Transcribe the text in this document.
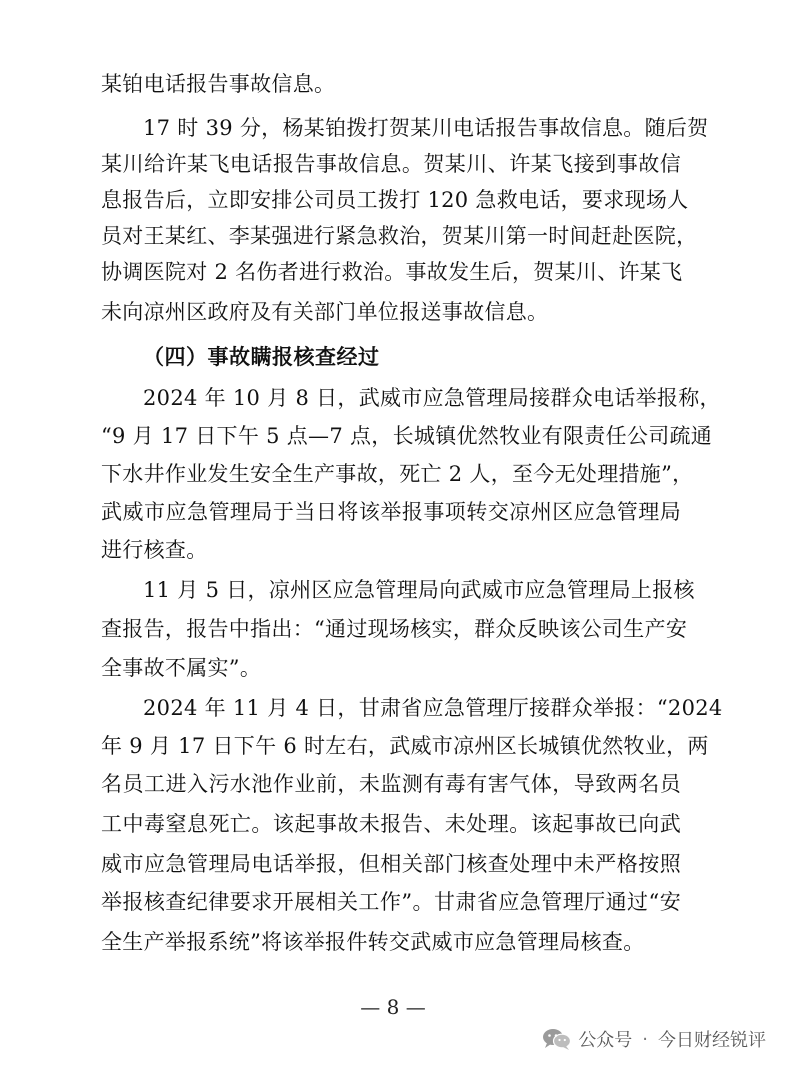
某铂电话报告事故信息。
17 时 39 分，杨某铂拨打贺某川电话报告事故信息。随后贺
某川给许某飞电话报告事故信息。贺某川、许某飞接到事故信
息报告后，立即安排公司员工拨打 120 急救电话，要求现场人
员对王某红、李某强进行紧急救治，贺某川第一时间赶赴医院，
协调医院对 2 名伤者进行救治。事故发生后，贺某川、许某飞
未向凉州区政府及有关部门单位报送事故信息。
（四）事故瞒报核查经过
2024 年 10 月 8 日，武威市应急管理局接群众电话举报称，
“9 月 17 日下午 5 点—7 点，长城镇优然牧业有限责任公司疏通
下水井作业发生安全生产事故，死亡 2 人，至今无处理措施”，
武威市应急管理局于当日将该举报事项转交凉州区应急管理局
进行核查。
11 月 5 日，凉州区应急管理局向武威市应急管理局上报核
查报告，报告中指出：“通过现场核实，群众反映该公司生产安
全事故不属实”。
2024 年 11 月 4 日，甘肃省应急管理厅接群众举报：“2024
年 9 月 17 日下午 6 时左右，武威市凉州区长城镇优然牧业，两
名员工进入污水池作业前，未监测有毒有害气体，导致两名员
工中毒窒息死亡。该起事故未报告、未处理。该起事故已向武
威市应急管理局电话举报，但相关部门核查处理中未严格按照
举报核查纪律要求开展相关工作”。甘肃省应急管理厅通过“安
全生产举报系统”将该举报件转交武威市应急管理局核查。
— 8 —
公众号 · 今日财经锐评
